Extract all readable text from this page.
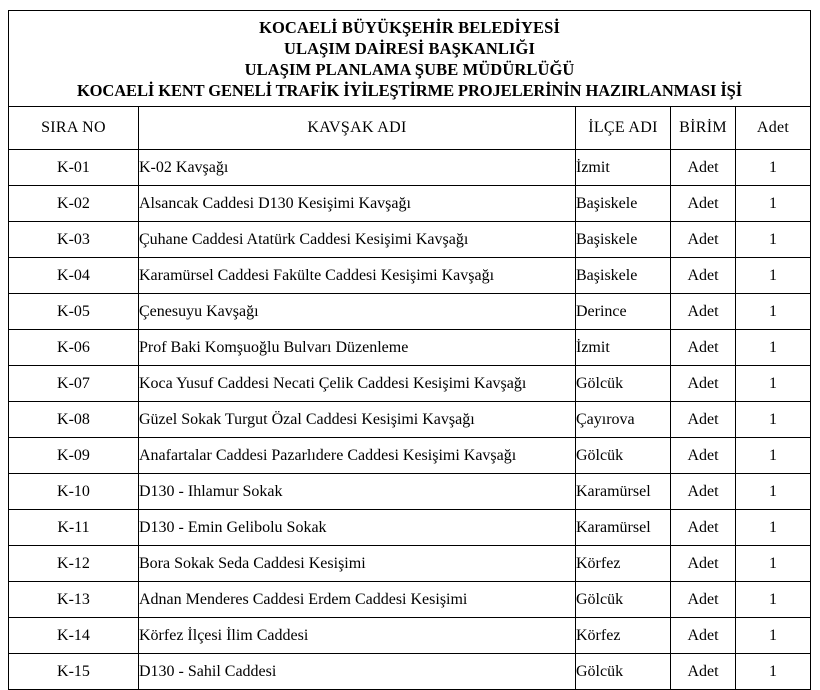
KOCAELİ BÜYÜKŞEHİR BELEDİYESİ
ULAŞIM DAİRESİ BAŞKANLIĞI
ULAŞIM PLANLAMA ŞUBE MÜDÜRLÜĞÜ
KOCAELİ KENT GENELİ TRAFİK İYİLEŞTİRME PROJELERİNİN HAZIRLANMASI İŞİ				

SIRA NO	KAVŞAK ADI	İLÇE ADI	BİRİM	Adet
K-01	K-02 Kavşağı	İzmit	Adet	1
K-02	Alsancak Caddesi D130 Kesişimi Kavşağı	Başiskele	Adet	1
K-03	Çuhane Caddesi Atatürk Caddesi Kesişimi Kavşağı	Başiskele	Adet	1
K-04	Karamürsel Caddesi Fakülte Caddesi Kesişimi Kavşağı	Başiskele	Adet	1
K-05	Çenesuyu Kavşağı	Derince	Adet	1
K-06	Prof Baki Komşuoğlu Bulvarı Düzenleme	İzmit	Adet	1
K-07	Koca Yusuf Caddesi Necati Çelik Caddesi Kesişimi Kavşağı	Gölcük	Adet	1
K-08	Güzel Sokak Turgut Özal Caddesi Kesişimi Kavşağı	Çayırova	Adet	1
K-09	Anafartalar Caddesi Pazarlıdere Caddesi Kesişimi Kavşağı	Gölcük	Adet	1
K-10	D130 - Ihlamur Sokak	Karamürsel	Adet	1
K-11	D130 - Emin Gelibolu Sokak	Karamürsel	Adet	1
K-12	Bora Sokak Seda Caddesi Kesişimi	Körfez	Adet	1
K-13	Adnan Menderes Caddesi Erdem Caddesi Kesişimi	Gölcük	Adet	1
K-14	Körfez İlçesi İlim Caddesi	Körfez	Adet	1
K-15	D130 - Sahil Caddesi	Gölcük	Adet	1
